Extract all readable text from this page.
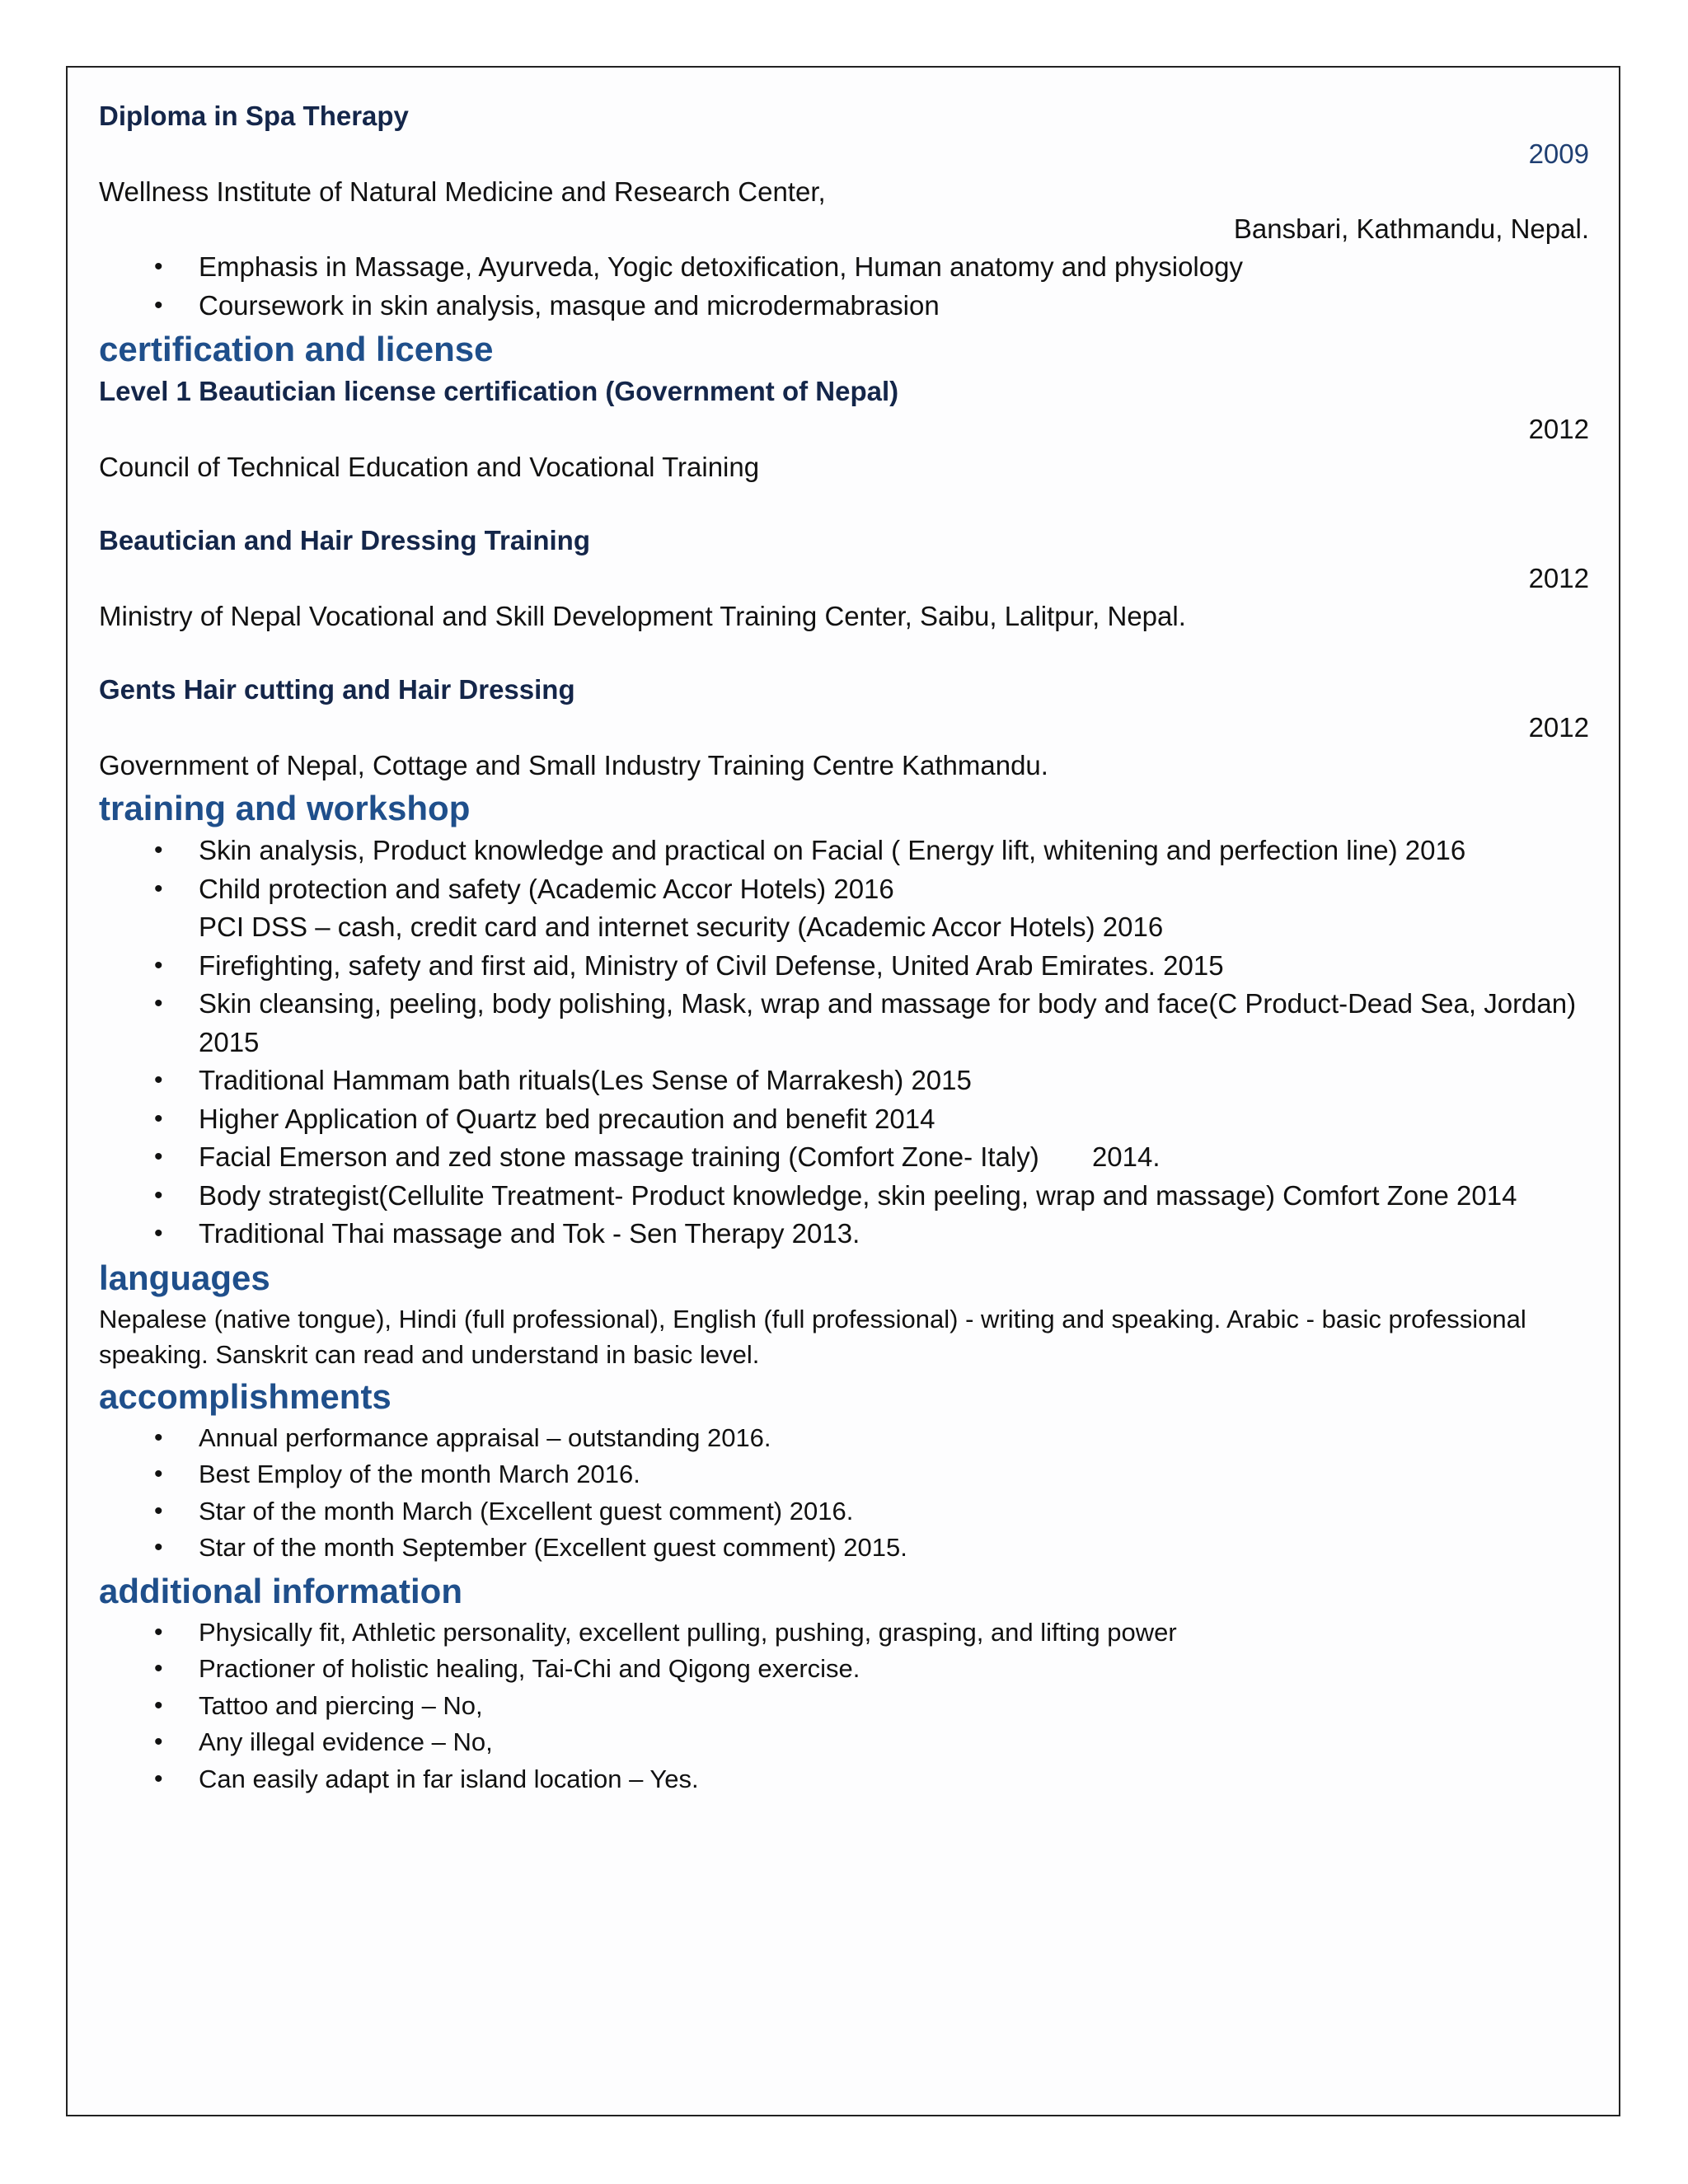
Diploma in Spa Therapy
2009
Wellness Institute of Natural Medicine and Research Center,
Bansbari, Kathmandu, Nepal.
• Emphasis in Massage, Ayurveda, Yogic detoxification, Human anatomy and physiology
• Coursework in skin analysis, masque and microdermabrasion
certification and license
Level 1 Beautician license certification (Government of Nepal)
2012
Council of Technical Education and Vocational Training
Beautician and Hair Dressing Training
2012
Ministry of Nepal Vocational and Skill Development Training Center, Saibu, Lalitpur, Nepal.
Gents Hair cutting and Hair Dressing
2012
Government of Nepal, Cottage and Small Industry Training Centre Kathmandu.
training and workshop
• Skin analysis, Product knowledge and practical on Facial ( Energy lift, whitening and perfection line) 2016
• Child protection and safety (Academic Accor Hotels) 2016
PCI DSS – cash, credit card and internet security (Academic Accor Hotels) 2016
• Firefighting, safety and first aid, Ministry of Civil Defense, United Arab Emirates. 2015
• Skin cleansing, peeling, body polishing, Mask, wrap and massage for body and face(C Product-Dead Sea, Jordan)
2015
• Traditional Hammam bath rituals(Les Sense of Marrakesh) 2015
• Higher Application of Quartz bed precaution and benefit 2014
• Facial Emerson and zed stone massage training (Comfort Zone- Italy)       2014.
• Body strategist(Cellulite Treatment- Product knowledge, skin peeling, wrap and massage) Comfort Zone 2014
• Traditional Thai massage and Tok - Sen Therapy 2013.
languages
Nepalese (native tongue), Hindi (full professional), English (full professional) - writing and speaking. Arabic - basic professional speaking. Sanskrit can read and understand in basic level.
accomplishments
• Annual performance appraisal – outstanding 2016.
• Best Employ of the month March 2016.
• Star of the month March (Excellent guest comment) 2016.
• Star of the month September (Excellent guest comment) 2015.
additional information
• Physically fit, Athletic personality, excellent pulling, pushing, grasping, and lifting power
• Practioner of holistic healing, Tai-Chi and Qigong exercise.
• Tattoo and piercing – No,
• Any illegal evidence – No,
• Can easily adapt in far island location – Yes.
